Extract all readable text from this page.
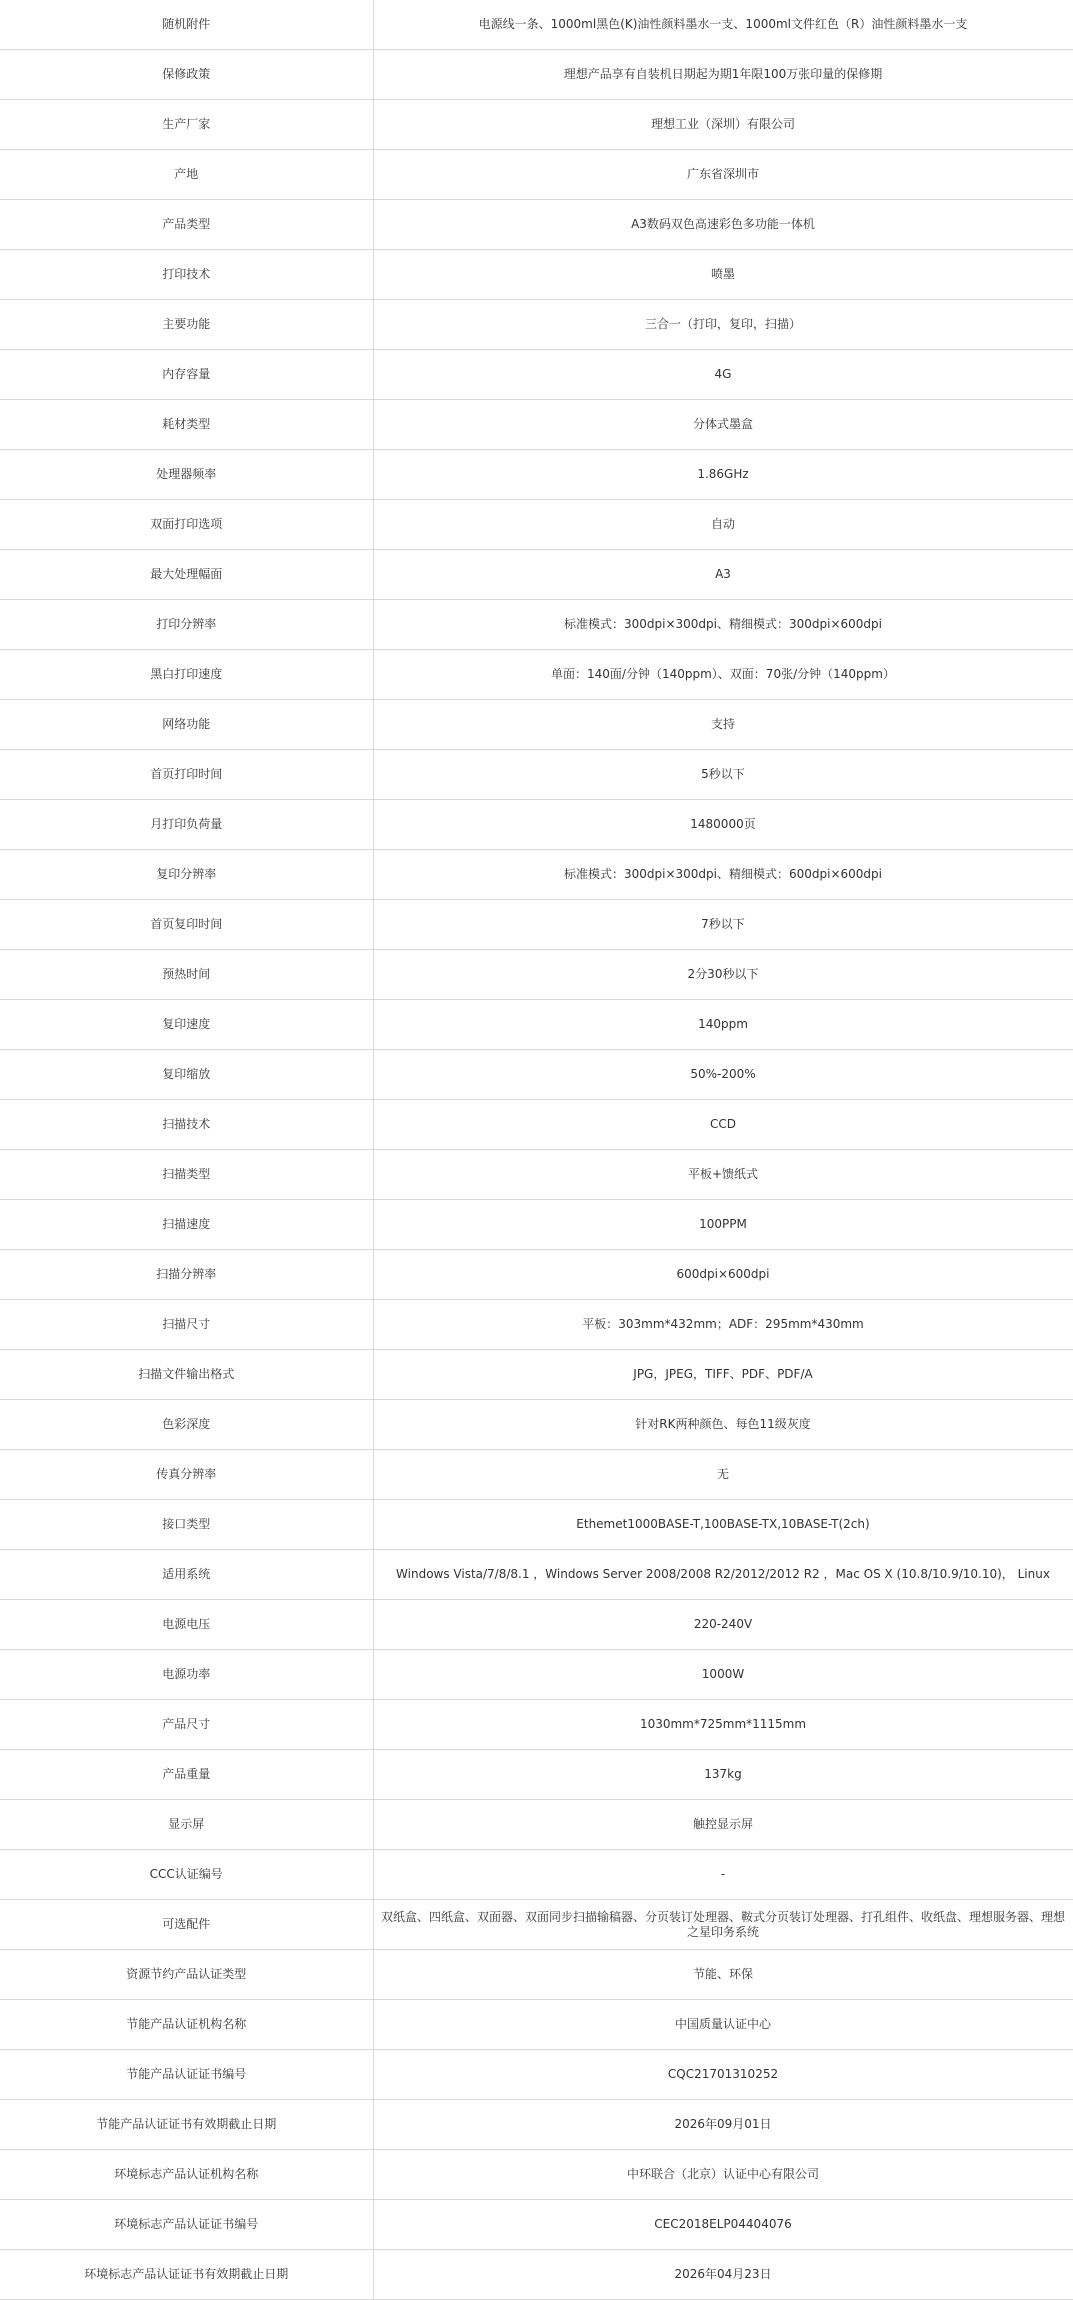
随机附件	电源线一条、1000ml黑色(K)油性颜料墨水一支、1000ml文件红色（R）油性颜料墨水一支
保修政策	理想产品享有自装机日期起为期1年限100万张印量的保修期
生产厂家	理想工业（深圳）有限公司
产地	广东省深圳市
产品类型	A3数码双色高速彩色多功能一体机
打印技术	喷墨
主要功能	三合一（打印，复印，扫描）
内存容量	4G
耗材类型	分体式墨盒
处理器频率	1.86GHz
双面打印选项	自动
最大处理幅面	A3
打印分辨率	标准模式：300dpi×300dpi、精细模式：300dpi×600dpi
黑白打印速度	单面：140面/分钟（140ppm）、双面：70张/分钟（140ppm）
网络功能	支持
首页打印时间	5秒以下
月打印负荷量	1480000页
复印分辨率	标准模式：300dpi×300dpi、精细模式：600dpi×600dpi
首页复印时间	7秒以下
预热时间	2分30秒以下
复印速度	140ppm
复印缩放	50%-200%
扫描技术	CCD
扫描类型	平板+馈纸式
扫描速度	100PPM
扫描分辨率	600dpi×600dpi
扫描尺寸	平板：303mm*432mm；ADF：295mm*430mm
扫描文件输出格式	JPG，JPEG，TIFF、PDF、PDF/A
色彩深度	针对RK两种颜色、每色11级灰度
传真分辨率	无
接口类型	Ethemet1000BASE-T,100BASE-TX,10BASE-T(2ch)
适用系统	Windows Vista/7/8/8.1 ，Windows Server 2008/2008 R2/2012/2012 R2 ，Mac OS X (10.8/10.9/10.10)， Linux
电源电压	220-240V
电源功率	1000W
产品尺寸	1030mm*725mm*1115mm
产品重量	137kg
显示屏	触控显示屏
CCC认证编号	-
可选配件	双纸盒、四纸盒、双面器、双面同步扫描输稿器、分页装订处理器、鞍式分页装订处理器、打孔组件、收纸盘、理想服务器、理想之星印务系统
资源节约产品认证类型	节能、环保
节能产品认证机构名称	中国质量认证中心
节能产品认证证书编号	CQC21701310252
节能产品认证证书有效期截止日期	2026年09月01日
环境标志产品认证机构名称	中环联合（北京）认证中心有限公司
环境标志产品认证证书编号	CEC2018ELP04404076
环境标志产品认证证书有效期截止日期	2026年04月23日
